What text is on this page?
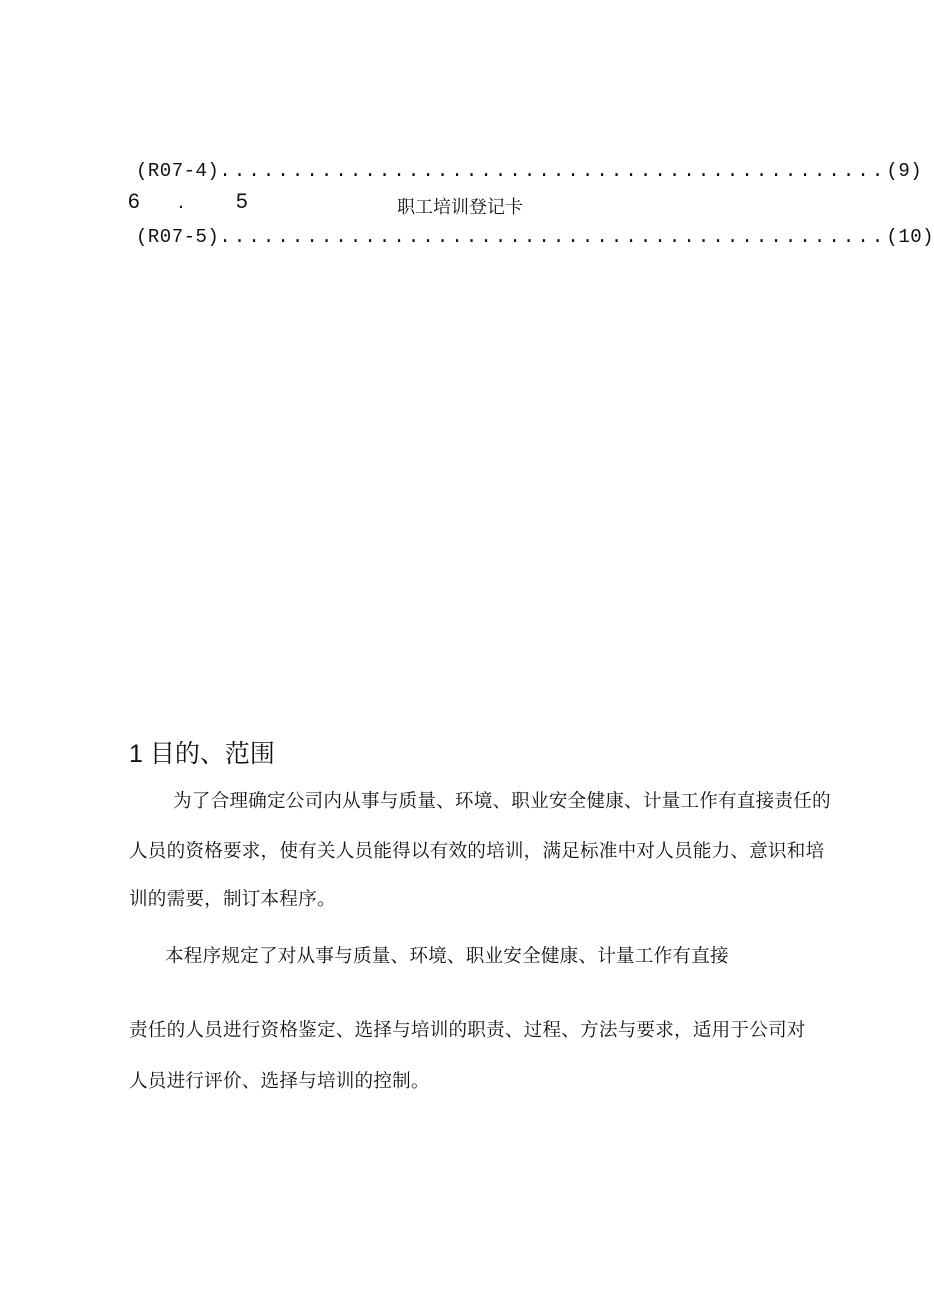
(R07-4)..............................................(9)
6 . 5	职工培训登记卡
(R07-5)..............................................(10)
1 目的、范围
为了合理确定公司内从事与质量、环境、职业安全健康、计量工作有直接责任的
人员的资格要求，使有关人员能得以有效的培训，满足标准中对人员能力、意识和培
训的需要，制订本程序。
本程序规定了对从事与质量、环境、职业安全健康、计量工作有直接
责任的人员进行资格鉴定、选择与培训的职责、过程、方法与要求，适用于公司对
人员进行评价、选择与培训的控制。
